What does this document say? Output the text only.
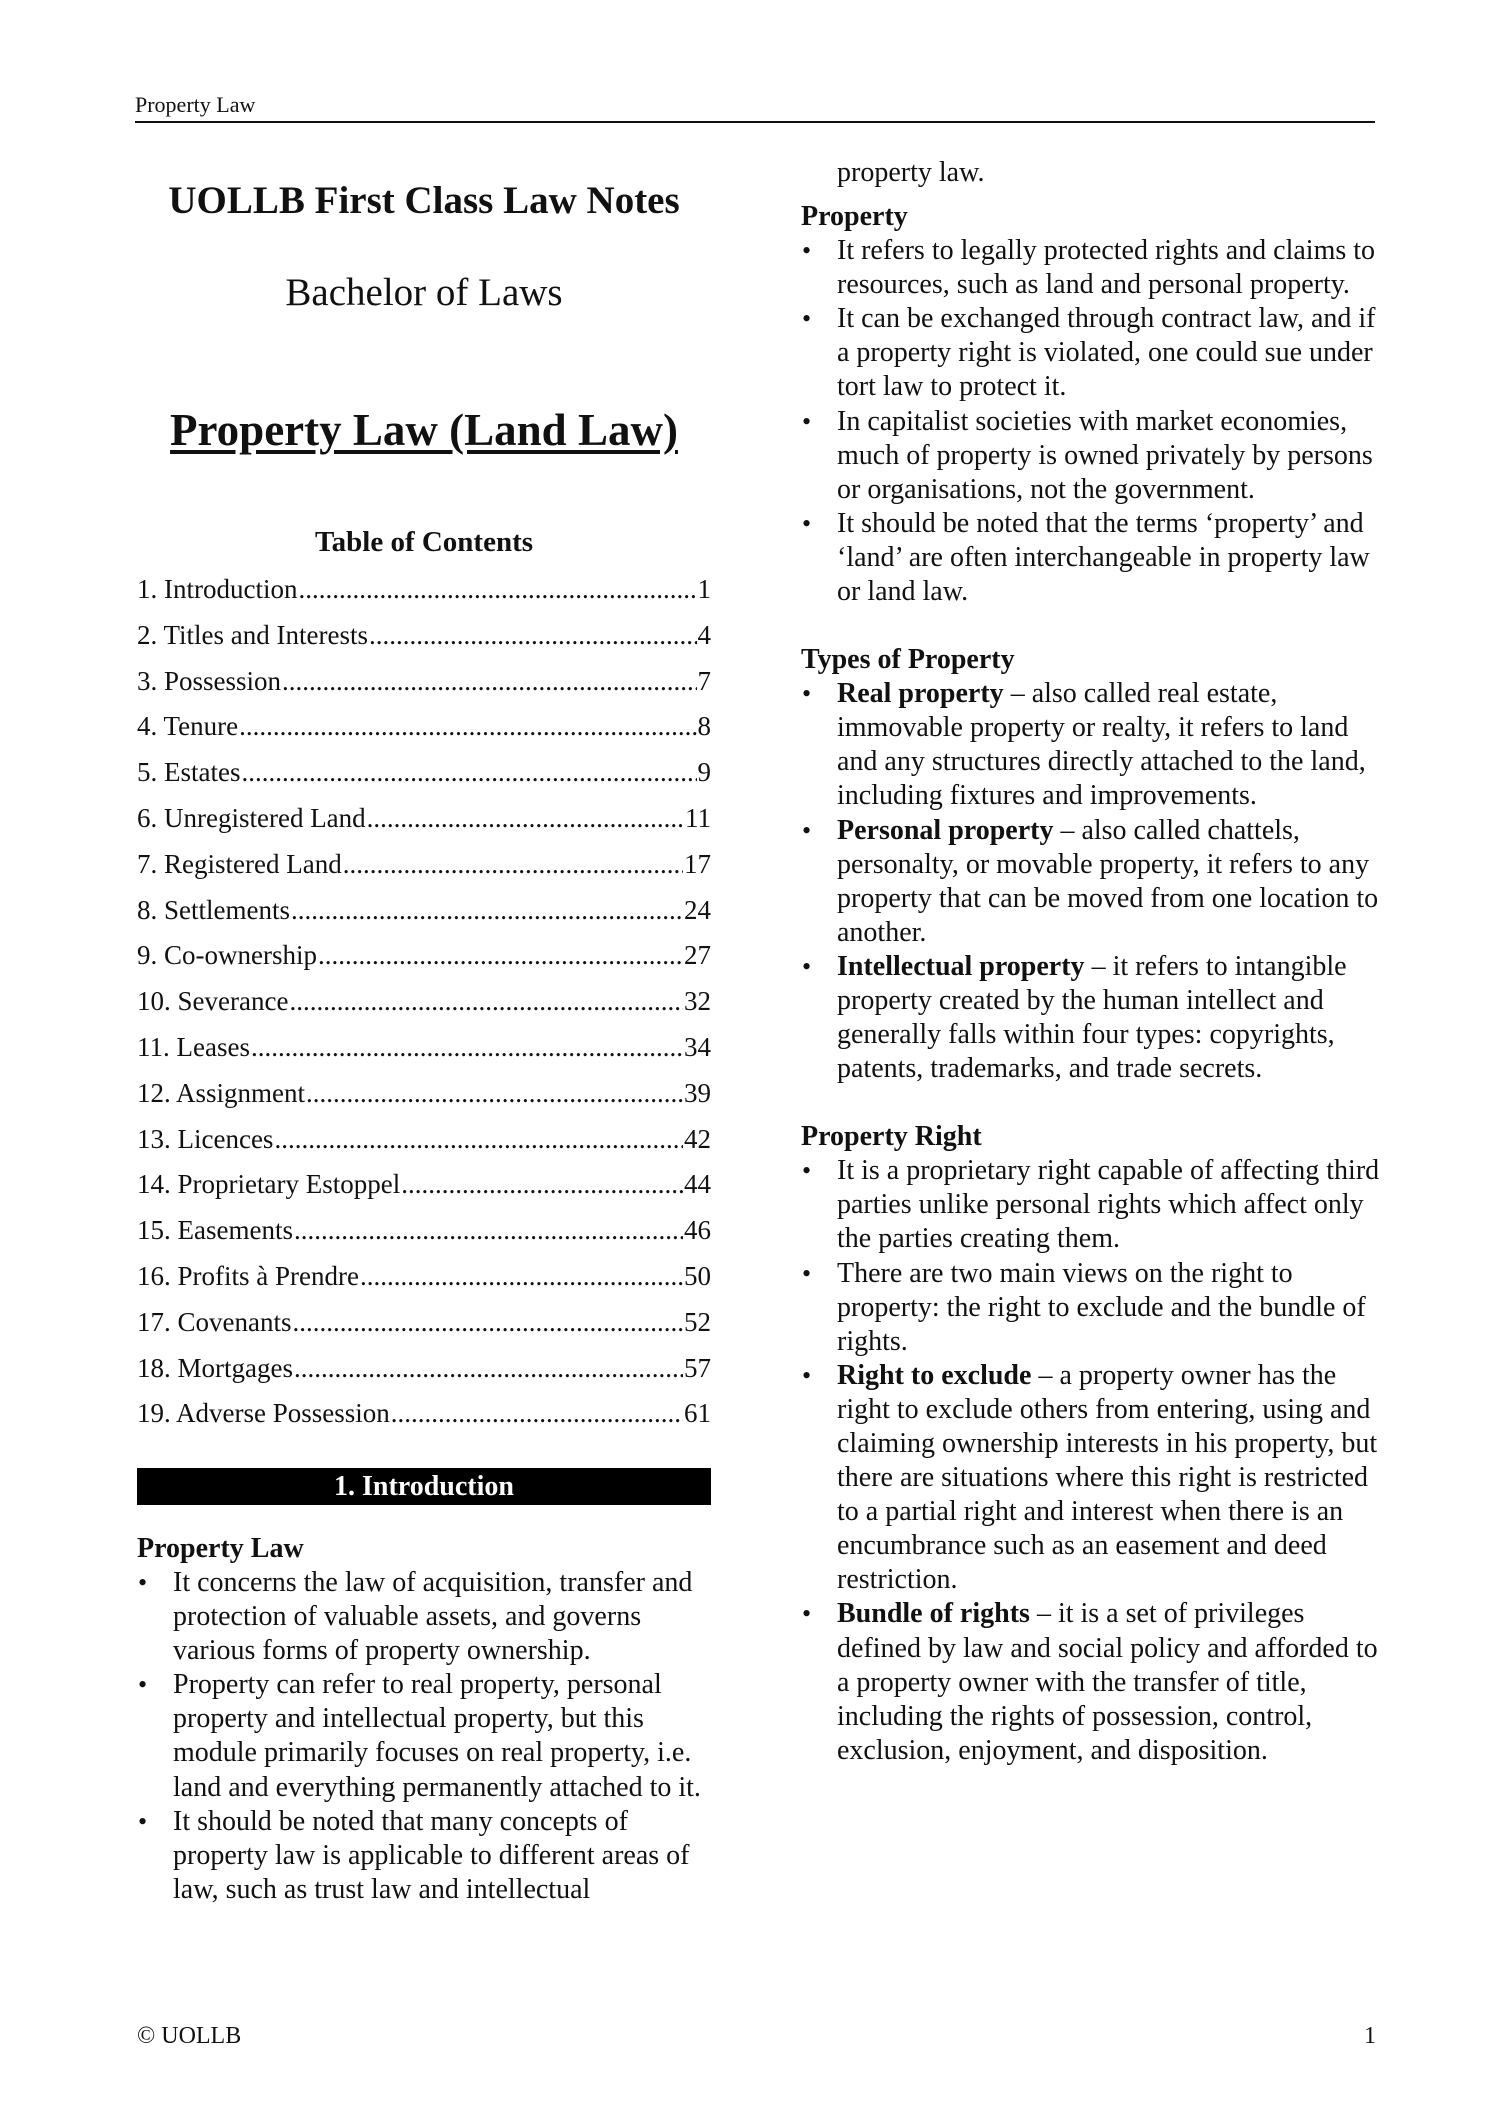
Property Law
UOLLB First Class Law Notes
Bachelor of Laws
Property Law (Land Law)
Table of Contents
1. Introduction .....	1
2. Titles and Interests .....	4
3. Possession .....	7
4. Tenure .....	8
5. Estates .....	9
6. Unregistered Land .....	11
7. Registered Land .....	17
8. Settlements .....	24
9. Co-ownership .....	27
10. Severance .....	32
11. Leases .....	34
12. Assignment .....	39
13. Licences .....	42
14. Proprietary Estoppel .....	44
15. Easements .....	46
16. Profits à Prendre .....	50
17. Covenants .....	52
18. Mortgages .....	57
19. Adverse Possession .....	61
1. Introduction
Property Law
• It concerns the law of acquisition, transfer and protection of valuable assets, and governs various forms of property ownership.
• Property can refer to real property, personal property and intellectual property, but this module primarily focuses on real property, i.e. land and everything permanently attached to it.
• It should be noted that many concepts of property law is applicable to different areas of law, such as trust law and intellectual
property law.
Property
• It refers to legally protected rights and claims to resources, such as land and personal property.
• It can be exchanged through contract law, and if a property right is violated, one could sue under tort law to protect it.
• In capitalist societies with market economies, much of property is owned privately by persons or organisations, not the government.
• It should be noted that the terms ‘property’ and ‘land’ are often interchangeable in property law or land law.
Types of Property
• Real property – also called real estate, immovable property or realty, it refers to land and any structures directly attached to the land, including fixtures and improvements.
• Personal property – also called chattels, personalty, or movable property, it refers to any property that can be moved from one location to another.
• Intellectual property – it refers to intangible property created by the human intellect and generally falls within four types: copyrights, patents, trademarks, and trade secrets.
Property Right
• It is a proprietary right capable of affecting third parties unlike personal rights which affect only the parties creating them.
• There are two main views on the right to property: the right to exclude and the bundle of rights.
• Right to exclude – a property owner has the right to exclude others from entering, using and claiming ownership interests in his property, but there are situations where this right is restricted to a partial right and interest when there is an encumbrance such as an easement and deed restriction.
• Bundle of rights – it is a set of privileges defined by law and social policy and afforded to a property owner with the transfer of title, including the rights of possession, control, exclusion, enjoyment, and disposition.
© UOLLB	1
